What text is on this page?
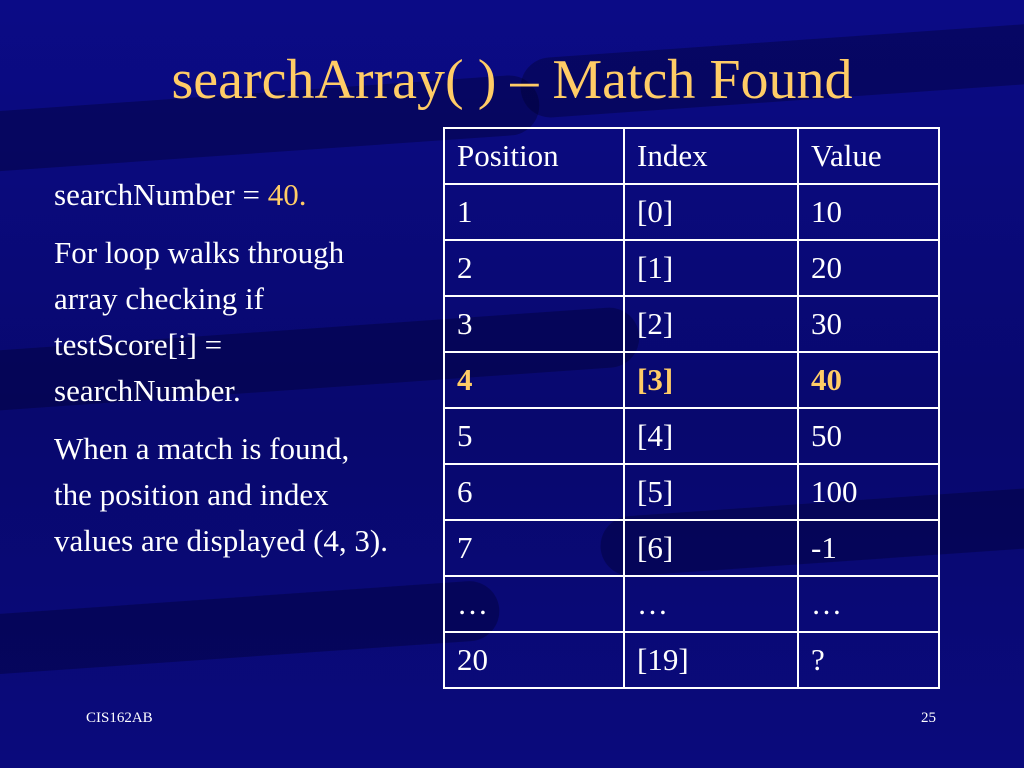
searchArray( ) – Match Found

searchNumber = 40.

For loop walks through array checking if testScore[i] = searchNumber.

When a match is found, the position and index values are displayed (4, 3).

Position	Index	Value
1	[0]	10
2	[1]	20
3	[2]	30
4	[3]	40
5	[4]	50
6	[5]	100
7	[6]	-1
…	…	…
20	[19]	?
CIS162AB	25
